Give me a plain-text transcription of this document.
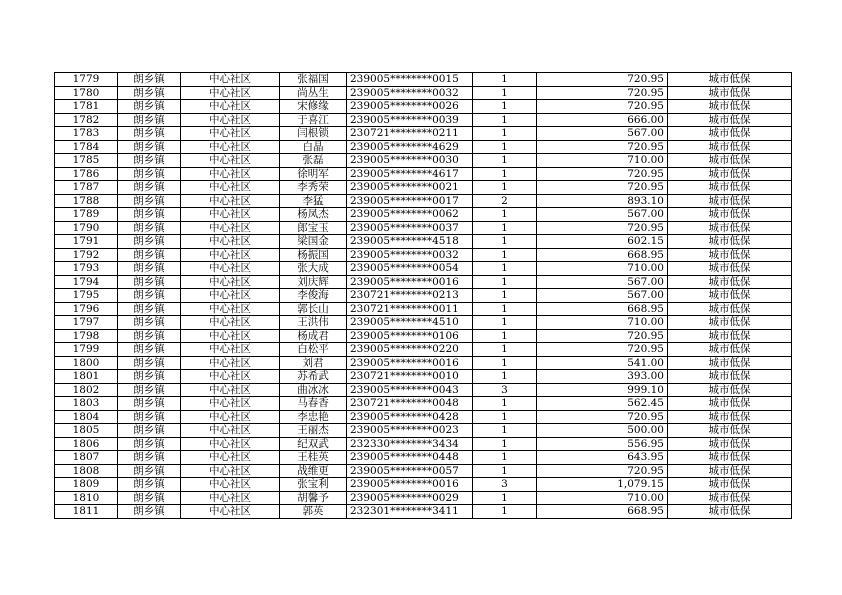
1779	朗乡镇	中心社区	张福国	239005********0015	1	720.95	城市低保
1780	朗乡镇	中心社区	尚丛生	239005********0032	1	720.95	城市低保
1781	朗乡镇	中心社区	宋修缘	239005********0026	1	720.95	城市低保
1782	朗乡镇	中心社区	于喜江	239005********0039	1	666.00	城市低保
1783	朗乡镇	中心社区	闫根锁	230721********0211	1	567.00	城市低保
1784	朗乡镇	中心社区	白晶	239005********4629	1	720.95	城市低保
1785	朗乡镇	中心社区	张磊	239005********0030	1	710.00	城市低保
1786	朗乡镇	中心社区	徐明军	239005********4617	1	720.95	城市低保
1787	朗乡镇	中心社区	李秀荣	239005********0021	1	720.95	城市低保
1788	朗乡镇	中心社区	李猛	239005********0017	2	893.10	城市低保
1789	朗乡镇	中心社区	杨凤杰	239005********0062	1	567.00	城市低保
1790	朗乡镇	中心社区	郎宝玉	239005********0037	1	720.95	城市低保
1791	朗乡镇	中心社区	梁国金	239005********4518	1	602.15	城市低保
1792	朗乡镇	中心社区	杨振国	239005********0032	1	668.95	城市低保
1793	朗乡镇	中心社区	张大成	239005********0054	1	710.00	城市低保
1794	朗乡镇	中心社区	刘庆辉	239005********0016	1	567.00	城市低保
1795	朗乡镇	中心社区	李俊海	230721********0213	1	567.00	城市低保
1796	朗乡镇	中心社区	郭长山	230721********0011	1	668.95	城市低保
1797	朗乡镇	中心社区	王洪伟	239005********4510	1	710.00	城市低保
1798	朗乡镇	中心社区	杨成君	239005********0106	1	720.95	城市低保
1799	朗乡镇	中心社区	白松平	239005********0220	1	720.95	城市低保
1800	朗乡镇	中心社区	刘君	239005********0016	1	541.00	城市低保
1801	朗乡镇	中心社区	苏希武	230721********0010	1	393.00	城市低保
1802	朗乡镇	中心社区	曲冰冰	239005********0043	3	999.10	城市低保
1803	朗乡镇	中心社区	马春香	230721********0048	1	562.45	城市低保
1804	朗乡镇	中心社区	李忠艳	239005********0428	1	720.95	城市低保
1805	朗乡镇	中心社区	王丽杰	239005********0023	1	500.00	城市低保
1806	朗乡镇	中心社区	纪双武	232330********3434	1	556.95	城市低保
1807	朗乡镇	中心社区	王桂英	239005********0448	1	643.95	城市低保
1808	朗乡镇	中心社区	战维更	239005********0057	1	720.95	城市低保
1809	朗乡镇	中心社区	张宝利	239005********0016	3	1,079.15	城市低保
1810	朗乡镇	中心社区	胡馨予	239005********0029	1	710.00	城市低保
1811	朗乡镇	中心社区	郭英	232301********3411	1	668.95	城市低保
